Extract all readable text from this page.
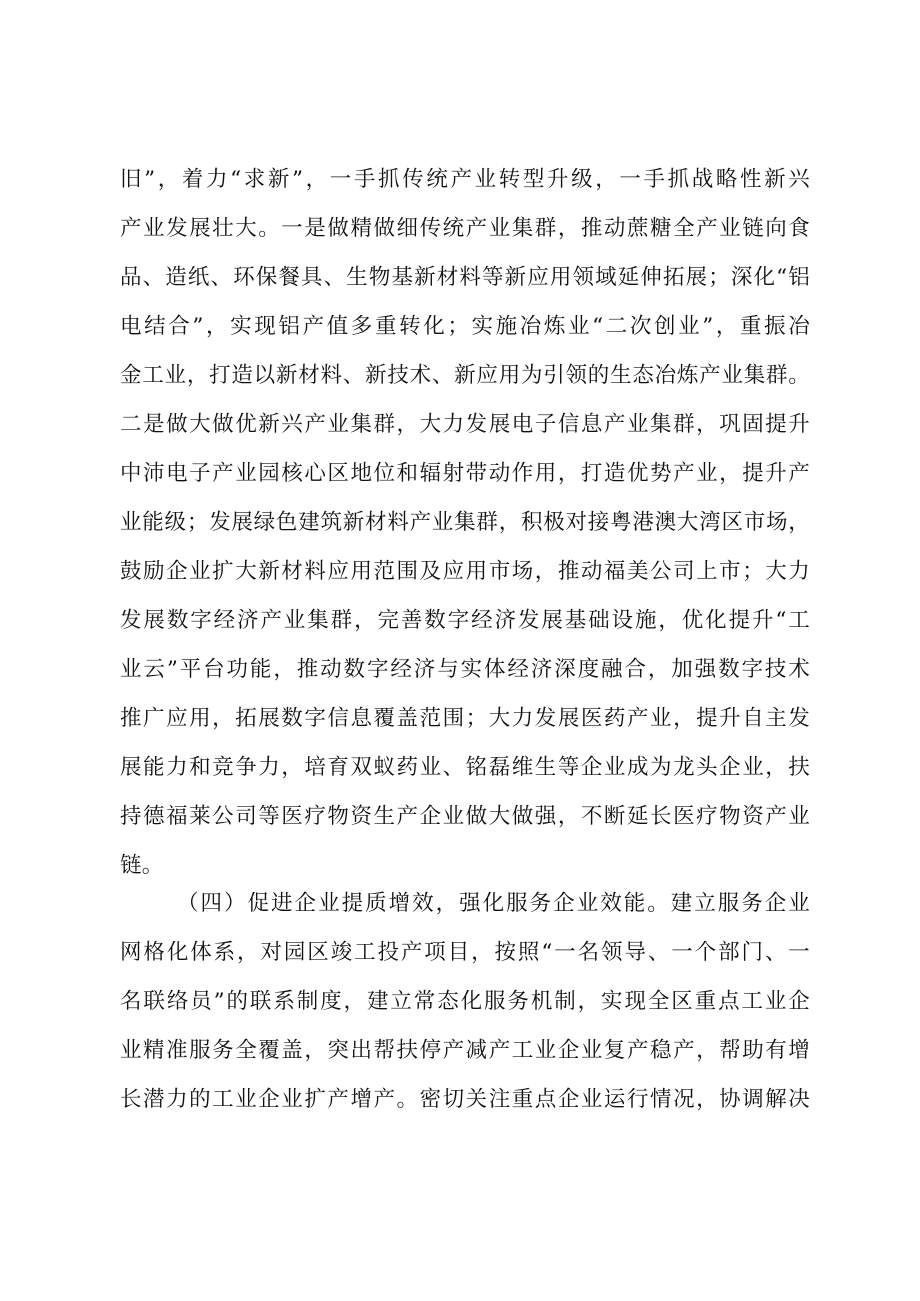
旧”，着力“求新”，一手抓传统产业转型升级，一手抓战略性新兴
产业发展壮大。一是做精做细传统产业集群，推动蔗糖全产业链向食
品、造纸、环保餐具、生物基新材料等新应用领域延伸拓展；深化“铝
电结合”，实现铝产值多重转化；实施冶炼业“二次创业”，重振冶
金工业，打造以新材料、新技术、新应用为引领的生态冶炼产业集群。
二是做大做优新兴产业集群，大力发展电子信息产业集群，巩固提升
中沛电子产业园核心区地位和辐射带动作用，打造优势产业，提升产
业能级；发展绿色建筑新材料产业集群，积极对接粤港澳大湾区市场，
鼓励企业扩大新材料应用范围及应用市场，推动福美公司上市；大力
发展数字经济产业集群，完善数字经济发展基础设施，优化提升“工
业云”平台功能，推动数字经济与实体经济深度融合，加强数字技术
推广应用，拓展数字信息覆盖范围；大力发展医药产业，提升自主发
展能力和竞争力，培育双蚁药业、铭磊维生等企业成为龙头企业，扶
持德福莱公司等医疗物资生产企业做大做强，不断延长医疗物资产业
链。
（四）促进企业提质增效，强化服务企业效能。建立服务企业
网格化体系，对园区竣工投产项目，按照“一名领导、一个部门、一
名联络员”的联系制度，建立常态化服务机制，实现全区重点工业企
业精准服务全覆盖，突出帮扶停产减产工业企业复产稳产，帮助有增
长潜力的工业企业扩产增产。密切关注重点企业运行情况，协调解决
